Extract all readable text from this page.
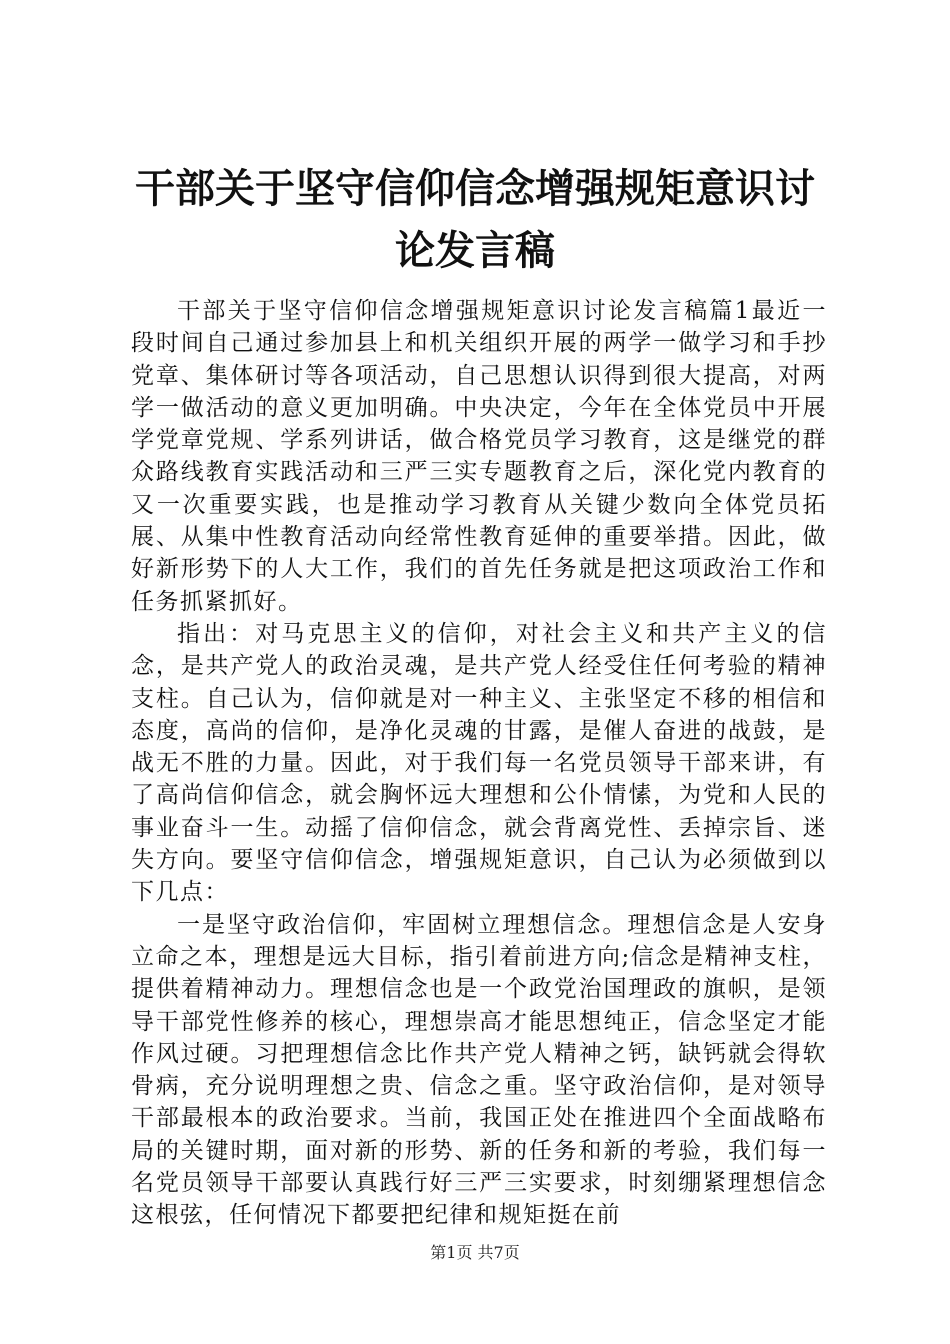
干部关于坚守信仰信念增强规矩意识讨论发言稿

干部关于坚守信仰信念增强规矩意识讨论发言稿篇1最近一段时间自己通过参加县上和机关组织开展的两学一做学习和手抄党章、集体研讨等各项活动，自己思想认识得到很大提高，对两学一做活动的意义更加明确。中央决定，今年在全体党员中开展学党章党规、学系列讲话，做合格党员学习教育，这是继党的群众路线教育实践活动和三严三实专题教育之后，深化党内教育的又一次重要实践，也是推动学习教育从关键少数向全体党员拓展、从集中性教育活动向经常性教育延伸的重要举措。因此，做好新形势下的人大工作，我们的首先任务就是把这项政治工作和任务抓紧抓好。

指出：对马克思主义的信仰，对社会主义和共产主义的信念，是共产党人的政治灵魂，是共产党人经受住任何考验的精神支柱。自己认为，信仰就是对一种主义、主张坚定不移的相信和态度，高尚的信仰，是净化灵魂的甘露，是催人奋进的战鼓，是战无不胜的力量。因此，对于我们每一名党员领导干部来讲，有了高尚信仰信念，就会胸怀远大理想和公仆情愫，为党和人民的事业奋斗一生。动摇了信仰信念，就会背离党性、丢掉宗旨、迷失方向。要坚守信仰信念，增强规矩意识，自己认为必须做到以下几点：

一是坚守政治信仰，牢固树立理想信念。理想信念是人安身立命之本，理想是远大目标，指引着前进方向;信念是精神支柱，提供着精神动力。理想信念也是一个政党治国理政的旗帜，是领导干部党性修养的核心，理想崇高才能思想纯正，信念坚定才能作风过硬。习把理想信念比作共产党人精神之钙，缺钙就会得软骨病，充分说明理想之贵、信念之重。坚守政治信仰，是对领导干部最根本的政治要求。当前，我国正处在推进四个全面战略布局的关键时期，面对新的形势、新的任务和新的考验，我们每一名党员领导干部要认真践行好三严三实要求，时刻绷紧理想信念这根弦，任何情况下都要把纪律和规矩挺在前

第1页 共7页
